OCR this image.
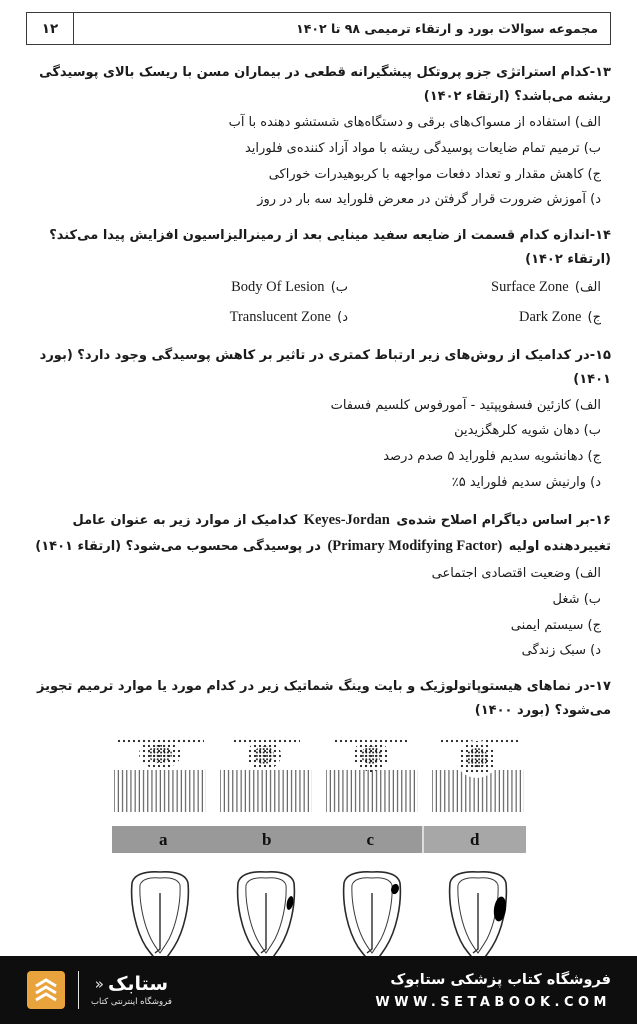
مجموعه سوالات بورد و ارتقاء ترمیمی ۹۸ تا ۱۴۰۲
۱۲

۱۳-کدام استراتژی جزو پروتکل پیشگیرانه قطعی در بیماران مسن با ریسک بالای پوسیدگی ریشه می‌باشد؟ (ارتقاء ۱۴۰۲)

الف) استفاده از مسواک‌های برقی و دستگاه‌های شستشو دهنده با آب
ب) ترمیم تمام ضایعات پوسیدگی ریشه با مواد آزاد کننده‌ی فلوراید
ج) کاهش مقدار و تعداد دفعات مواجهه با کربوهیدرات خوراکی
د) آموزش ضرورت قرار گرفتن در معرض فلوراید سه بار در روز

۱۴-اندازه کدام قسمت از ضایعه سفید مینایی بعد از رمینرالیزاسیون افزایش پیدا می‌کند؟ (ارتقاء ۱۴۰۲)

الف) Surface Zone
ب) Body Of Lesion
ج) Dark Zone
د) Translucent Zone

۱۵-در کدامیک از روش‌های زیر ارتباط کمتری در تاثیر بر کاهش پوسیدگی وجود دارد؟ (بورد ۱۴۰۱)

الف) کازئین فسفوپپتید - آمورفوس کلسیم فسفات
ب) دهان شویه کلرهگزیدین
ج) دهانشویه سدیم فلوراید ۵ صدم درصد
د) وارنیش سدیم فلوراید ۵٪

۱۶-بر اساس دیاگرام اصلاح شده‌ی Keyes-Jordan کدامیک از موارد زیر به عنوان عامل تغییردهنده اولیه (Primary Modifying Factor) در پوسیدگی محسوب می‌شود؟ (ارتقاء ۱۴۰۱)

الف) وضعیت اقتصادی اجتماعی
ب) شغل
ج) سیستم ایمنی
د) سبک زندگی

۱۷-در نماهای هیستوپاتولوژیک و بایت وینگ شماتیک زیر در کدام مورد یا موارد ترمیم تجویز می‌شود؟ (بورد ۱۴۰۰)

a	b	c	d
فروشگاه کتاب پزشکی ستابوک
WWW.SETABOOK.COM
ستابک
«
فروشگاه اینترنتی کتاب
